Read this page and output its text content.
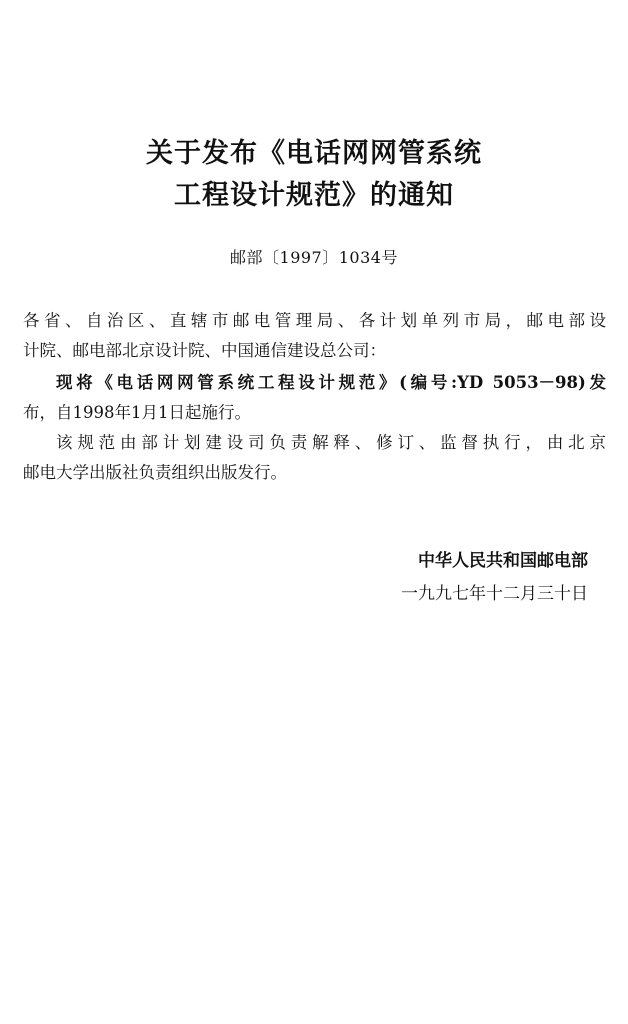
关于发布《电话网网管系统
工程设计规范》的通知
邮部〔1997〕1034号
各省、自治区、直辖市邮电管理局、各计划单列市局，邮电部设
计院、邮电部北京设计院、中国通信建设总公司：
现将《电话网网管系统工程设计规范》(编号:YD 5053－98)发
布，自1998年1月1日起施行。
该规范由部计划建设司负责解释、修订、监督执行，由北京
邮电大学出版社负责组织出版发行。
中华人民共和国邮电部
一九九七年十二月三十日
